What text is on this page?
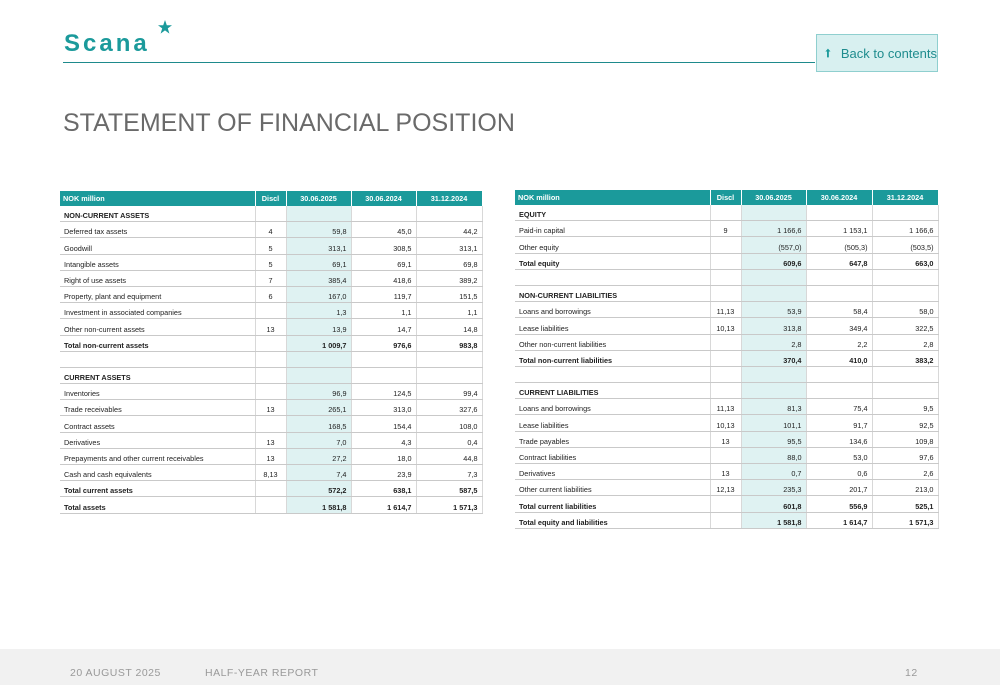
Scana	Back to contents
STATEMENT OF FINANCIAL POSITION
NOK million	Discl	30.06.2025	30.06.2024	31.12.2024
NON-CURRENT ASSETS				
Deferred tax assets	4	59,8	45,0	44,2
Goodwill	5	313,1	308,5	313,1
Intangible assets	5	69,1	69,1	69,8
Right of use assets	7	385,4	418,6	389,2
Property, plant and equipment	6	167,0	119,7	151,5
Investment in associated companies		1,3	1,1	1,1
Other non-current assets	13	13,9	14,7	14,8
Total non-current assets		1 009,7	976,6	983,8

CURRENT ASSETS				
Inventories		96,9	124,5	99,4
Trade receivables	13	265,1	313,0	327,6
Contract assets		168,5	154,4	108,0
Derivatives	13	7,0	4,3	0,4
Prepayments and other current receivables	13	27,2	18,0	44,8
Cash and cash equivalents	8,13	7,4	23,9	7,3
Total current assets		572,2	638,1	587,5
Total assets		1 581,8	1 614,7	1 571,3
NOK million	Discl	30.06.2025	30.06.2024	31.12.2024
EQUITY				
Paid-in capital	9	1 166,6	1 153,1	1 166,6
Other equity		(557,0)	(505,3)	(503,5)
Total equity		609,6	647,8	663,0

NON-CURRENT LIABILITIES				
Loans and borrowings	11,13	53,9	58,4	58,0
Lease liabilities	10,13	313,8	349,4	322,5
Other non-current liabilities		2,8	2,2	2,8
Total non-current liabilities		370,4	410,0	383,2

CURRENT LIABILITIES				
Loans and borrowings	11,13	81,3	75,4	9,5
Lease liabilities	10,13	101,1	91,7	92,5
Trade payables	13	95,5	134,6	109,8
Contract liabilities		88,0	53,0	97,6
Derivatives	13	0,7	0,6	2,6
Other current liabilities	12,13	235,3	201,7	213,0
Total current liabilities		601,8	556,9	525,1
Total equity and liabilities		1 581,8	1 614,7	1 571,3
20 AUGUST 2025	HALF-YEAR REPORT	12
